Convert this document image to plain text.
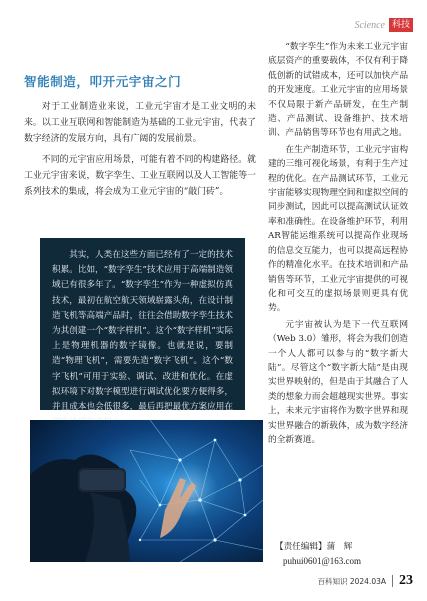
Science 科技
智能制造，叩开元宇宙之门

对于工业制造业来说，工业元宇宙才是工业文明的未来。以工业互联网和智能制造为基础的工业元宇宙，代表了数字经济的发展方向，具有广阔的发展前景。

不同的元宇宙应用场景，可能有着不同的构建路径。就工业元宇宙来说，数字孪生、工业互联网以及人工智能等一系列技术的集成，将会成为工业元宇宙的“敲门砖”。

其实，人类在这些方面已经有了一定的技术积累。比如，“数字孪生”技术应用于高端制造领域已有很多年了。“数字孪生”作为一种虚拟仿真技术，最初在航空航天领域崭露头角，在设计制造飞机等高端产品时，往往会借助数字孪生技术为其创建一个“数字样机”。这个“数字样机”实际上是物理机器的数字镜像。也就是说，要制造“物理飞机”，需要先造“数字飞机”。这个“数字飞机”可用于实验、调试、改进和优化。在虚拟环境下对数字模型进行调试优化要方便得多，并且成本也会低很多，最后再把最优方案应用在

“数字孪生”作为未来工业元宇宙底层资产的重要载体，不仅有利于降低创新的试错成本，还可以加快产品的开发速度。工业元宇宙的应用场景不仅局限于新产品研发，在生产制造、产品测试、设备维护、技术培训、产品销售等环节也有用武之地。

在生产制造环节，工业元宇宙构建的三维可视化场景，有利于生产过程的优化。在产品测试环节，工业元宇宙能够实现物理空间和虚拟空间的同步测试，因此可以提高测试认证效率和准确性。在设备维护环节，利用AR智能运维系统可以提高作业现场的信息交互能力，也可以提高远程协作的精准化水平。在技术培训和产品销售等环节，工业元宇宙提供的可视化和可交互的虚拟场景则更具有优势。

元宇宙被认为是下一代互联网（Web 3.0）雏形，将会为我们创造一个人人都可以参与的“数字新大陆”。尽管这个“数字新大陆”是由现实世界映射的，但是由于其融合了人类的想象力而会超越现实世界。事实上，未来元宇宙将作为数字世界和现实世界融合的新载体，成为数字经济的全新赛道。

【责任编辑】蒲　辉
puhui0601@163.com
百科知识 2024.03A 23
